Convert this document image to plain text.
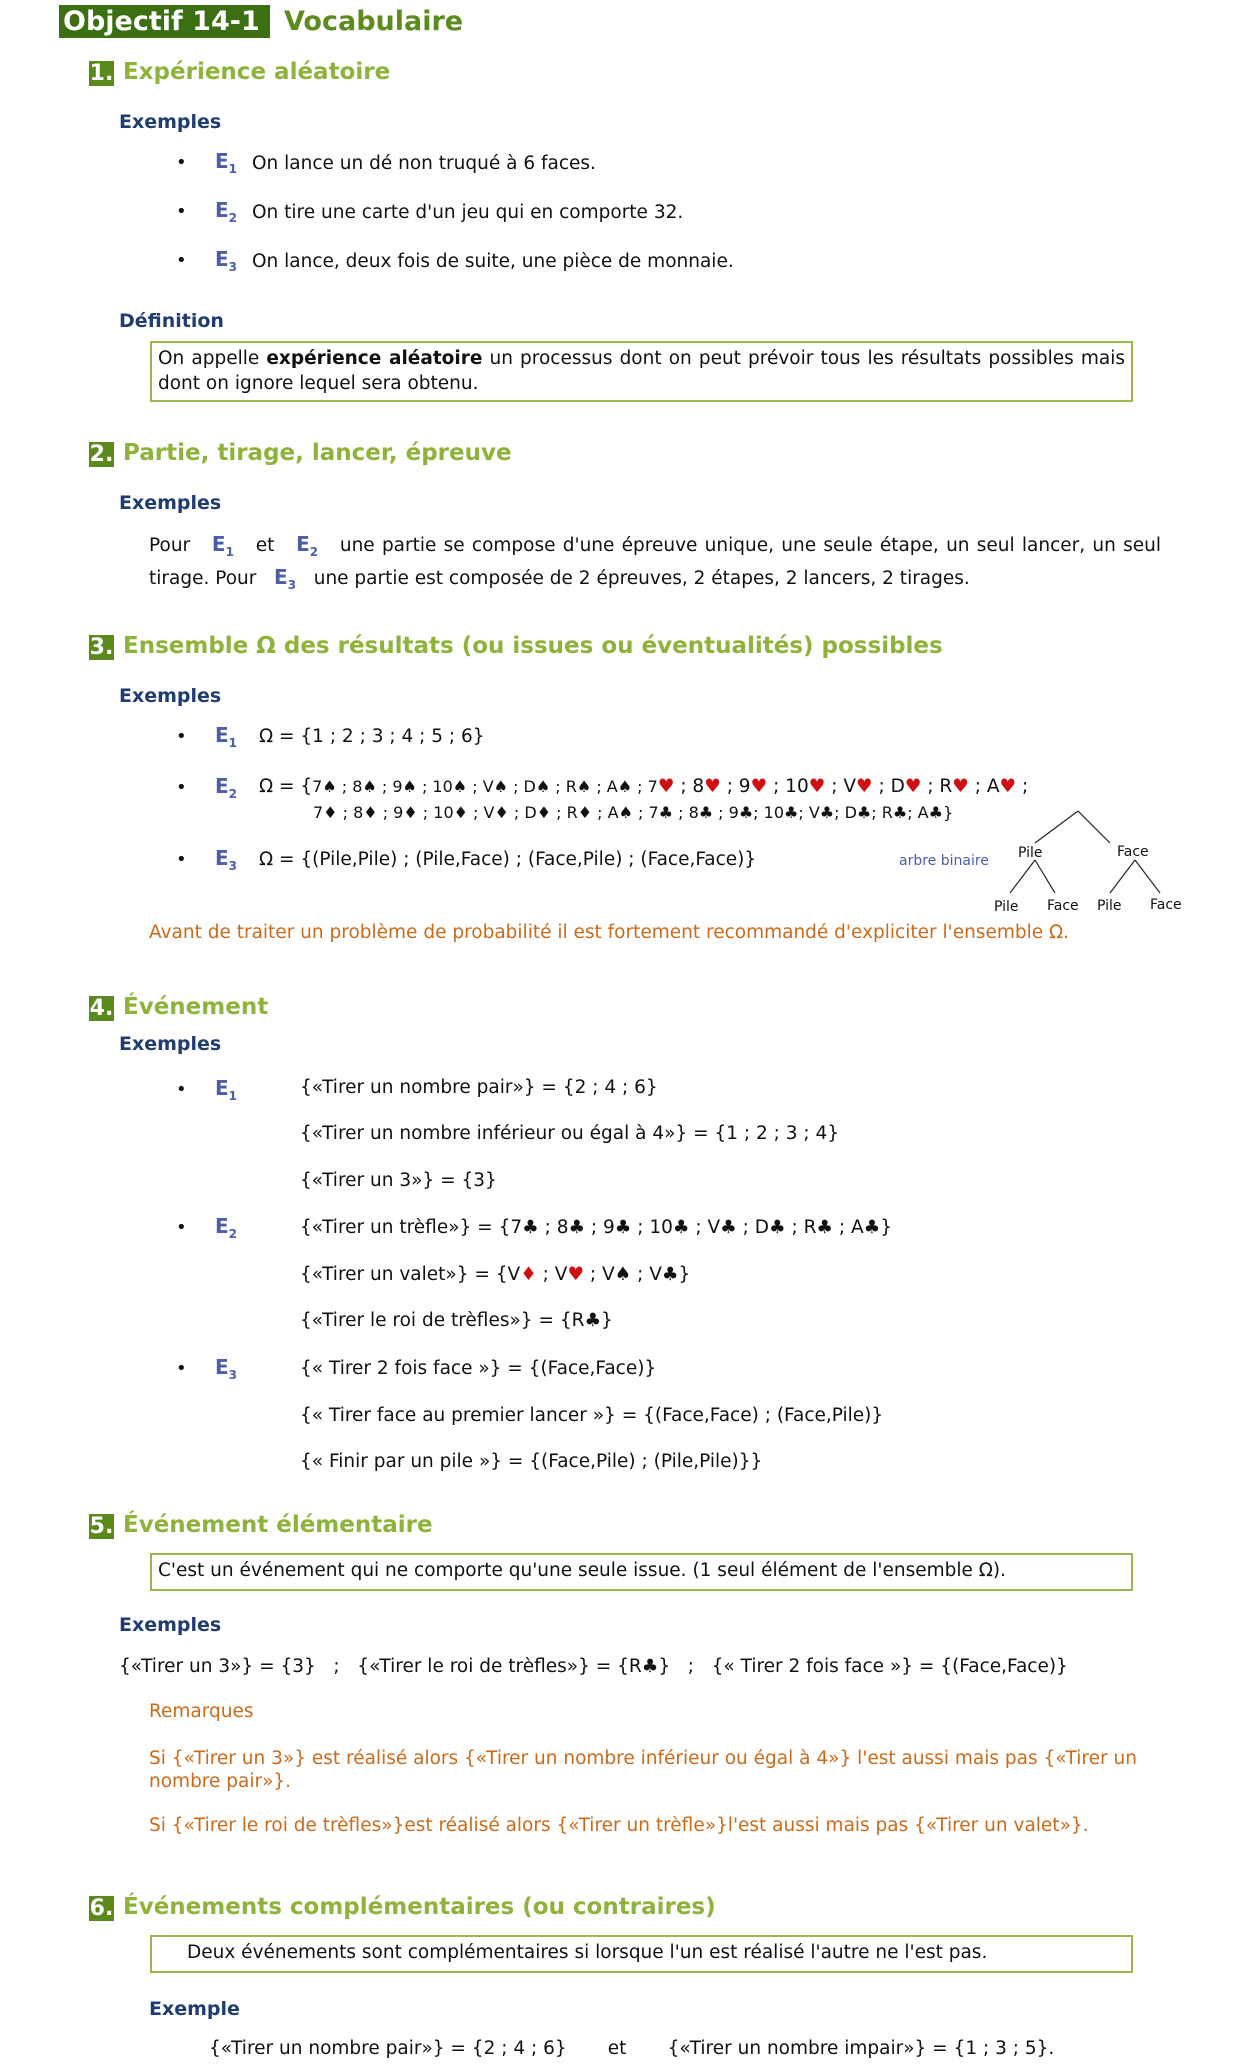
Objectif 14-1 Vocabulaire
1. Expérience aléatoire
Exemples
• $E_1$ On lance un dé non truqué à 6 faces.
• $E_2$ On tire une carte d'un jeu qui en comporte 32.
• $E_3$ On lance, deux fois de suite, une pièce de monnaie.
Définition
On appelle expérience aléatoire un processus dont on peut prévoir tous les résultats possibles mais dont on ignore lequel sera obtenu.
2. Partie, tirage, lancer, épreuve
Exemples
Pour $E_1$ et $E_2$ une partie se compose d'une épreuve unique, une seule étape, un seul lancer, un seul tirage. Pour $E_3$ une partie est composée de 2 épreuves, 2 étapes, 2 lancers, 2 tirages.
3. Ensemble Ω des résultats (ou issues ou éventualités) possibles
Exemples
• $E_1$ Ω = {1 ; 2 ; 3 ; 4 ; 5 ; 6}
• $E_2$ Ω = {7♠ ; 8♠ ; 9♠ ; 10♠ ; V♠ ; D♠ ; R♠ ; A♠ ; 7♥ ; 8♥ ; 9♥ ; 10♥ ; V♥ ; D♥ ; R♥ ; A♥ ;
7♦ ; 8♦ ; 9♦ ; 10♦ ; V♦ ; D♦ ; R♦ ; A♠ ; 7♣ ; 8♣ ; 9♣; 10♣; V♣; D♣; R♣; A♣}
• $E_3$ Ω = {(Pile,Pile) ; (Pile,Face) ; (Face,Pile) ; (Face,Face)}	arbre binaire Pile	Face
Pile Face Pile Face
Avant de traiter un problème de probabilité il est fortement recommandé d'expliciter l'ensemble Ω.
4. Événement
Exemples
• $E_1$	{«Tirer un nombre pair»} = {2 ; 4 ; 6}
{«Tirer un nombre inférieur ou égal à 4»} = {1 ; 2 ; 3 ; 4}
{«Tirer un 3»} = {3}
• $E_2$	{«Tirer un trèfle»} = {7♣ ; 8♣ ; 9♣ ; 10♣ ; V♣ ; D♣ ; R♣ ; A♣}
{«Tirer un valet»} = {V♦ ; V♥ ; V♠ ; V♣}
{«Tirer le roi de trèfles»} = {R♣}
• $E_3$	{« Tirer 2 fois face »} = {(Face,Face)}
{« Tirer face au premier lancer »} = {(Face,Face) ; (Face,Pile)}
{« Finir par un pile »} = {(Face,Pile) ; (Pile,Pile)}}
5. Événement élémentaire
C'est un événement qui ne comporte qu'une seule issue. (1 seul élément de l'ensemble Ω).
Exemples
{«Tirer un 3»} = {3}   ;   {«Tirer le roi de trèfles»} = {R♣}   ;   {« Tirer 2 fois face »} = {(Face,Face)}
Remarques
Si {«Tirer un 3»} est réalisé alors {«Tirer un nombre inférieur ou égal à 4»} l'est aussi mais pas {«Tirer un nombre pair»}.
Si {«Tirer le roi de trèfles»}est réalisé alors {«Tirer un trèfle»}l'est aussi mais pas {«Tirer un valet»}.
6. Événements complémentaires (ou contraires)
Deux événements sont complémentaires si lorsque l'un est réalisé l'autre ne l'est pas.
Exemple
{«Tirer un nombre pair»} = {2 ; 4 ; 6}       et       {«Tirer un nombre impair»} = {1 ; 3 ; 5}.
